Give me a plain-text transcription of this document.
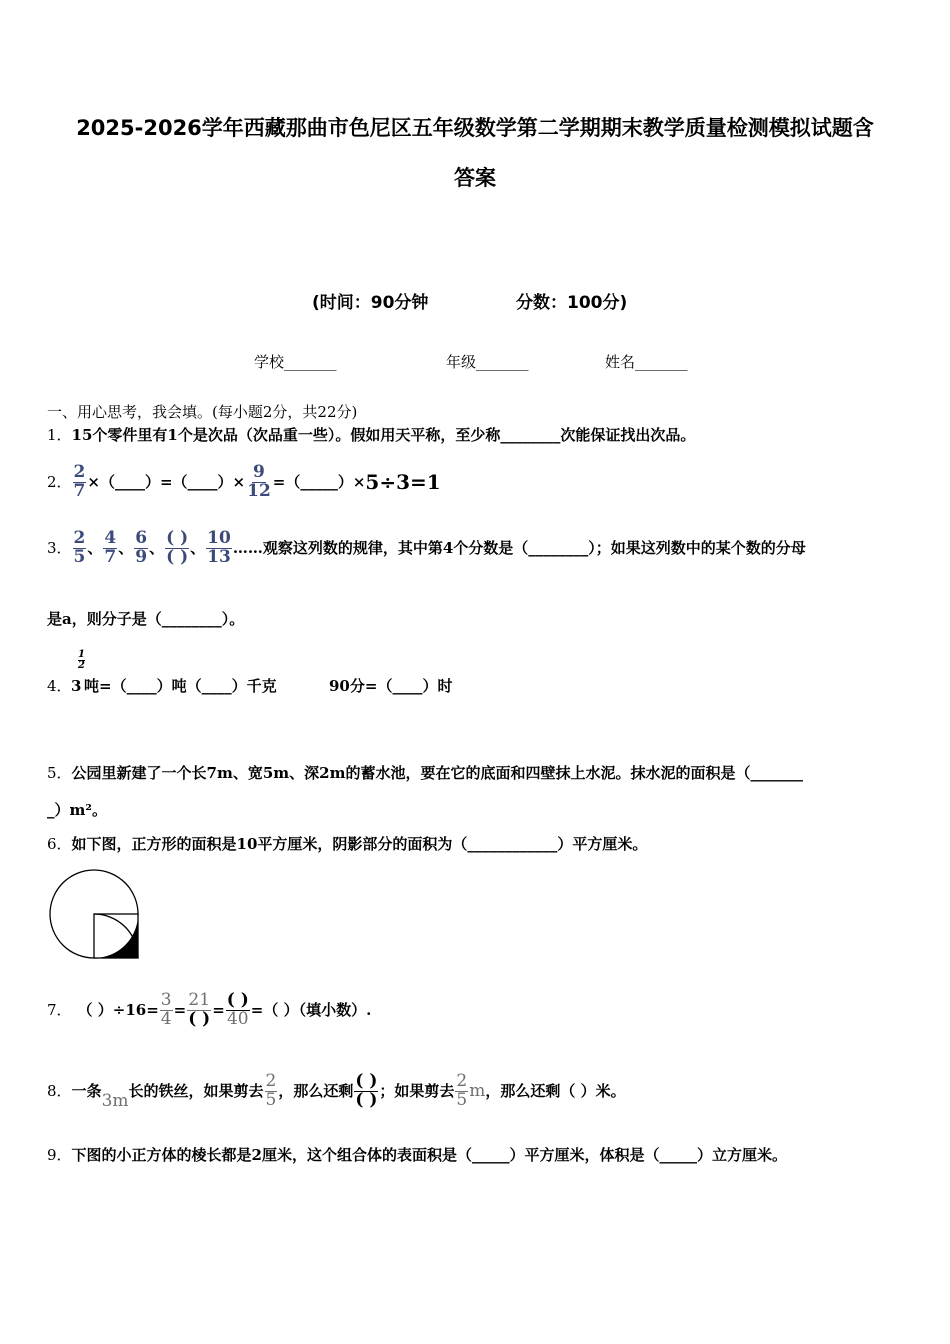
2025-2026学年西藏那曲市色尼区五年级数学第二学期期末教学质量检测模拟试题含
答案
(时间：90分钟	分数：100分)
学校_______	年级_______	姓名_______
一、用心思考，我会填。(每小题2分，共22分)
1．15个零件里有1个是次品（次品重一些）。假如用天平称，至少称________次能保证找出次品。
2． $\frac{2}{7}$ ×（____）=（____）× $\frac{9}{12}$ =（_____）× 5÷3=1
3．
2
5 、
4
7 、
6
9 、
( )
( ) 、
10
13 ……观察这列数的规律，其中第4个分数是（________）；如果这列数中的某个数的分母
是a，则分子是（________）。
4． 3
1
2
吨=（____）吨（____）千克	90分=（____）时
5．公园里新建了一个长7m、宽5m、深2m的蓄水池，要在它的底面和四壁抹上水泥。抹水泥的面积是（_______
_）m²。
6．如下图，正方形的面积是10平方厘米，阴影部分的面积为（____________）平方厘米。
7． （ ）$\div 16= \frac{3}{4}$ =
21
( ) =
( )
40 =（ ）（填小数）.
8． 一条 3m 长的铁丝，如果剪去
2
5 ，那么还剩
( )
( ) ；如果剪去
2
5 m ，那么还剩（ ）米。
9．下图的小正方体的棱长都是2厘米，这个组合体的表面积是（_____）平方厘米，体积是（_____）立方厘米。
